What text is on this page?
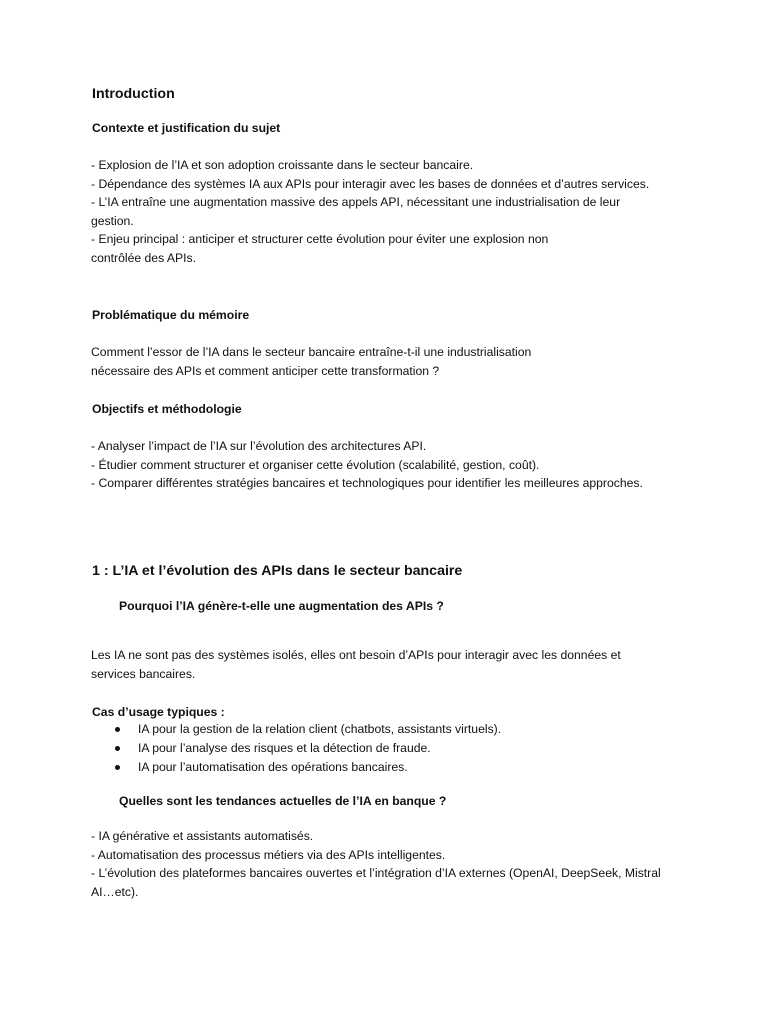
Introduction
Contexte et justification du sujet
- Explosion de l’IA et son adoption croissante dans le secteur bancaire.
- Dépendance des systèmes IA aux APIs pour interagir avec les bases de données et d’autres services.
- L’IA entraîne une augmentation massive des appels API, nécessitant une industrialisation de leur gestion.
- Enjeu principal : anticiper et structurer cette évolution pour éviter une explosion non
contrôlée des APIs.
Problématique du mémoire
Comment l’essor de l’IA dans le secteur bancaire entraîne-t-il une industrialisation
nécessaire des APIs et comment anticiper cette transformation ?
Objectifs et méthodologie
- Analyser l’impact de l’IA sur l’évolution des architectures API.
- Étudier comment structurer et organiser cette évolution (scalabilité, gestion, coût).
- Comparer différentes stratégies bancaires et technologiques pour identifier les meilleures approches.
1 : L’IA et l’évolution des APIs dans le secteur bancaire
Pourquoi l’IA génère-t-elle une augmentation des APIs ?
Les IA ne sont pas des systèmes isolés, elles ont besoin d’APIs pour interagir avec les données et services bancaires.
Cas d’usage typiques :
IA pour la gestion de la relation client (chatbots, assistants virtuels).
IA pour l’analyse des risques et la détection de fraude.
IA pour l’automatisation des opérations bancaires.
Quelles sont les tendances actuelles de l’IA en banque ?
- IA générative et assistants automatisés.
- Automatisation des processus métiers via des APIs intelligentes.
- L’évolution des plateformes bancaires ouvertes et l’intégration d’IA externes (OpenAI, DeepSeek, Mistral AI…etc).
